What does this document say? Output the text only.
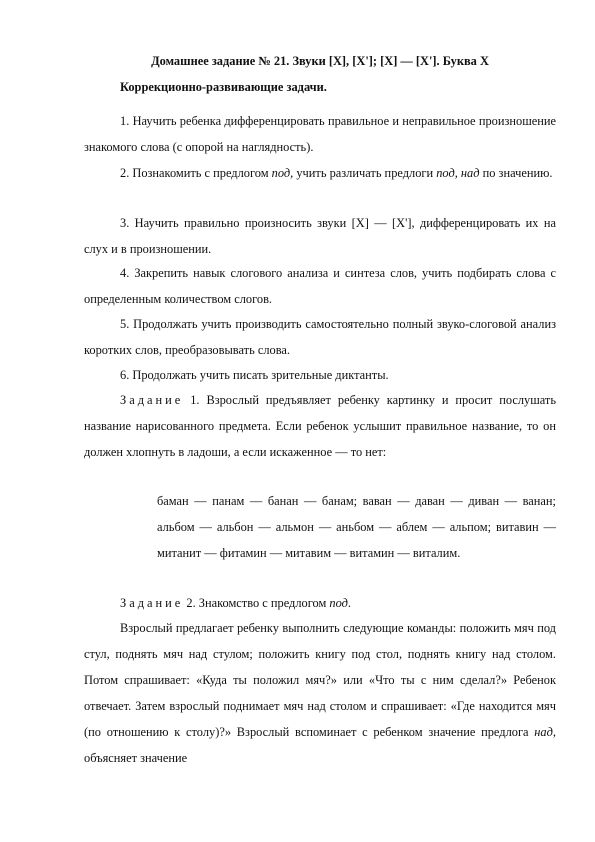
Домашнее задание № 21. Звуки [Х], [Х']; [Х] — [Х']. Буква Х
Коррекционно-развивающие задачи.
1. Научить ребенка дифференцировать правильное и неправильное произношение знакомого слова (с опорой на наглядность).
2. Познакомить с предлогом под, учить различать предлоги под, над по значению.
3. Научить правильно произносить звуки [Х] — [Х'], дифференцировать их на слух и в произношении.
4. Закрепить навык слогового анализа и синтеза слов, учить подбирать слова с определенным количеством слогов.
5. Продолжать учить производить самостоятельно полный звуко-слоговой анализ коротких слов, преобразовывать слова.
6. Продолжать учить писать зрительные диктанты.
Задание 1. Взрослый предъявляет ребенку картинку и просит послушать название нарисованного предмета. Если ребенок услышит правильное название, то он должен хлопнуть в ладоши, а если искаженное — то нет:
баман — панам — банан — банам; ваван — даван — диван — ванан; альбом — альбон — альмон — аньбом — аблем — альпом; витавин — митанит — фитамин — митавим — витамин — виталим.
Задание 2. Знакомство с предлогом под.
Взрослый предлагает ребенку выполнить следующие команды: положить мяч под стул, поднять мяч над стулом; положить книгу под стол, поднять книгу над столом. Потом спрашивает: «Куда ты положил мяч?» или «Что ты с ним сделал?» Ребенок отвечает. Затем взрослый поднимает мяч над столом и спрашивает: «Где находится мяч (по отношению к столу)?» Взрослый вспоминает с ребенком значение предлога над, объясняет значение
